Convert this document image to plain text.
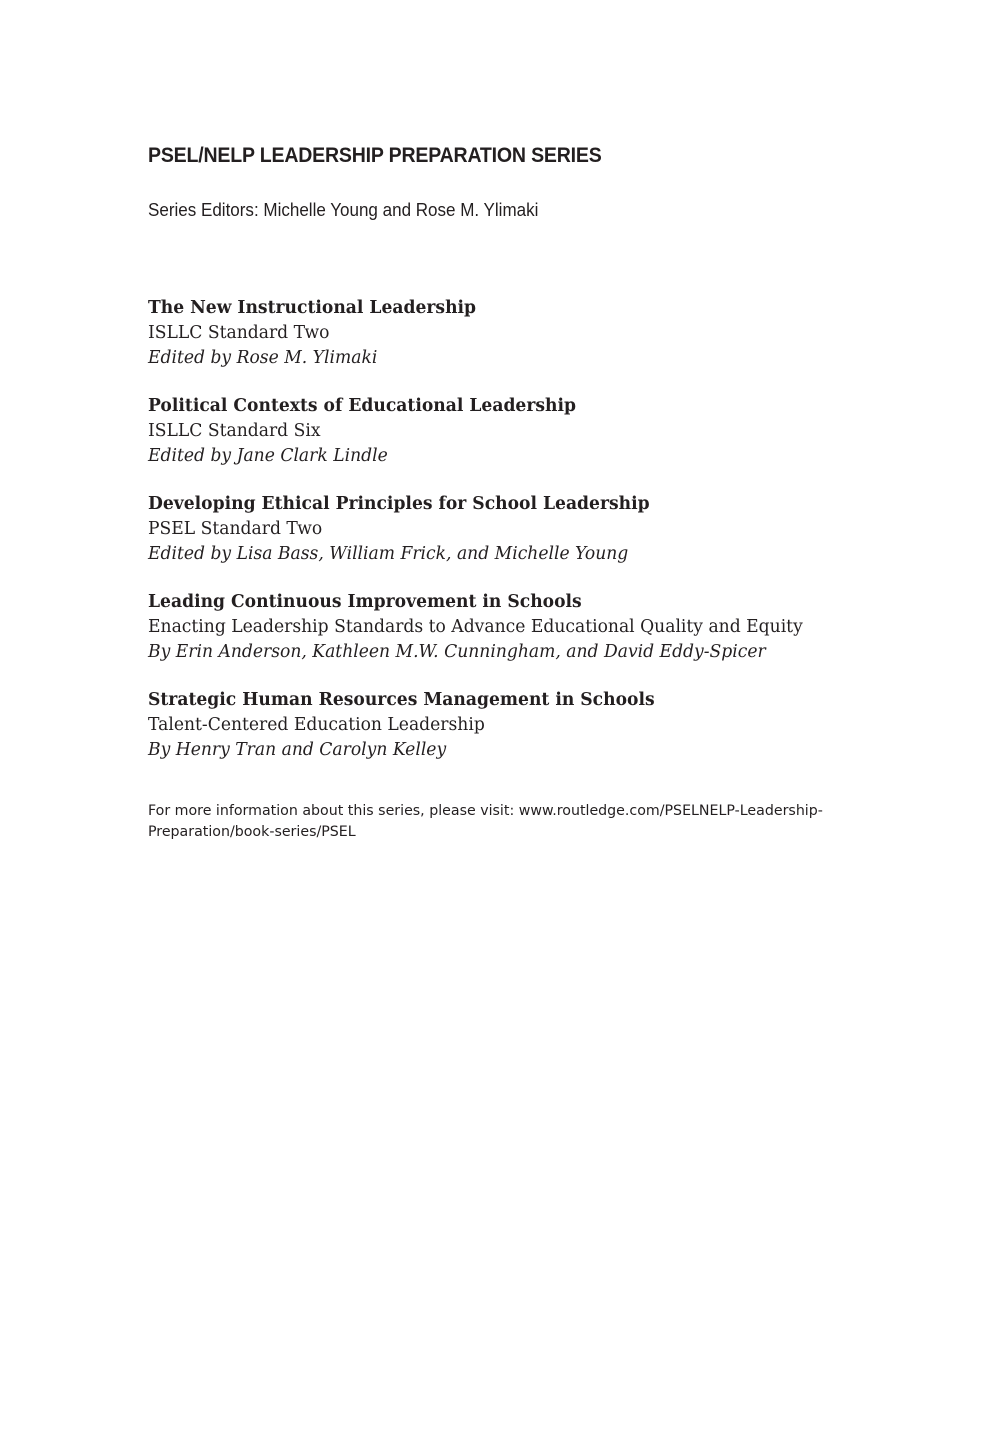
PSEL/NELP LEADERSHIP PREPARATION SERIES

Series Editors: Michelle Young and Rose M. Ylimaki

The New Instructional Leadership
ISLLC Standard Two
Edited by Rose M. Ylimaki
Political Contexts of Educational Leadership
ISLLC Standard Six
Edited by Jane Clark Lindle
Developing Ethical Principles for School Leadership
PSEL Standard Two
Edited by Lisa Bass, William Frick, and Michelle Young
Leading Continuous Improvement in Schools
Enacting Leadership Standards to Advance Educational Quality and Equity
By Erin Anderson, Kathleen M.W. Cunningham, and David Eddy-Spicer
Strategic Human Resources Management in Schools
Talent-Centered Education Leadership
By Henry Tran and Carolyn Kelley
For more information about this series, please visit: www.routledge.com/PSELNELP-Leadership-
Preparation/book-series/PSEL
